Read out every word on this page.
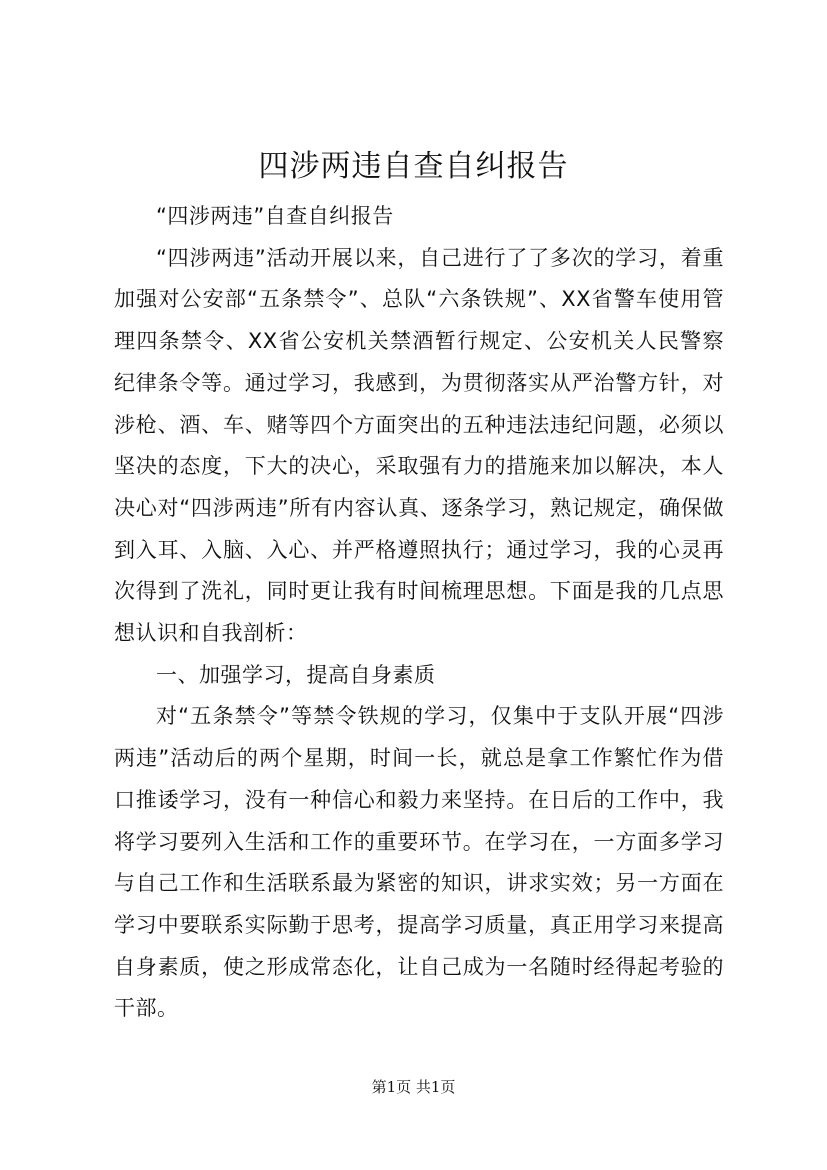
四涉两违自查自纠报告

“四涉两违”自查自纠报告

“四涉两违”活动开展以来，自己进行了了多次的学习，着重加强对公安部“五条禁令”、总队“六条铁规”、XX省警车使用管理四条禁令、XX省公安机关禁酒暂行规定、公安机关人民警察纪律条令等。通过学习，我感到，为贯彻落实从严治警方针，对涉枪、酒、车、赌等四个方面突出的五种违法违纪问题，必须以坚决的态度，下大的决心，采取强有力的措施来加以解决，本人决心对“四涉两违”所有内容认真、逐条学习，熟记规定，确保做到入耳、入脑、入心、并严格遵照执行；通过学习，我的心灵再次得到了洗礼，同时更让我有时间梳理思想。下面是我的几点思想认识和自我剖析：

一、加强学习，提高自身素质

对“五条禁令”等禁令铁规的学习，仅集中于支队开展“四涉两违”活动后的两个星期，时间一长，就总是拿工作繁忙作为借口推诿学习，没有一种信心和毅力来坚持。在日后的工作中，我将学习要列入生活和工作的重要环节。在学习在，一方面多学习与自己工作和生活联系最为紧密的知识，讲求实效；另一方面在学习中要联系实际勤于思考，提高学习质量，真正用学习来提高自身素质，使之形成常态化，让自己成为一名随时经得起考验的干部。

第1页 共1页
